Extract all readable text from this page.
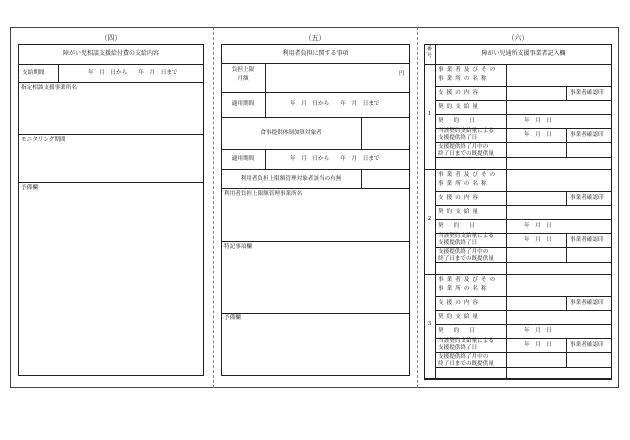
（四）
障がい児相談支援給付費の支給内容
支給期間	年　月　日から　　年　月　日まで
指定相談支援事業所名
モニタリング期間
予備欄
（五）
利用者負担に関する事項
負担上限
月額
円
適用期間	年　月　日から　　年　月　日まで
食事提供体制加算対象者
適用期間	年　月　日から　　年　月　日まで
利用者負担上限額管理対象者該当の有無
利用者負担上限額管理事業所名
特記事項欄
予備欄
（六）
番
号	障がい児通所支援事業者記入欄
1
事業者及びその
事業所の名称
支援の内容	事業者確認印
契約支給量
契約日	年　月　日
当該契約支給量による
支援提供終了日	年　月　日	事業者確認印
支援提供終了月中の
終了日までの既提供量
2
事業者及びその
事業所の名称
支援の内容	事業者確認印
契約支給量
契約日	年　月　日
当該契約支給量による
支援提供終了日	年　月　日	事業者確認印
支援提供終了月中の
終了日までの既提供量
3
事業者及びその
事業所の名称
支援の内容	事業者確認印
契約支給量
契約日	年　月　日
当該契約支給量による
支援提供終了日	年　月　日	事業者確認印
支援提供終了月中の
終了日までの既提供量
